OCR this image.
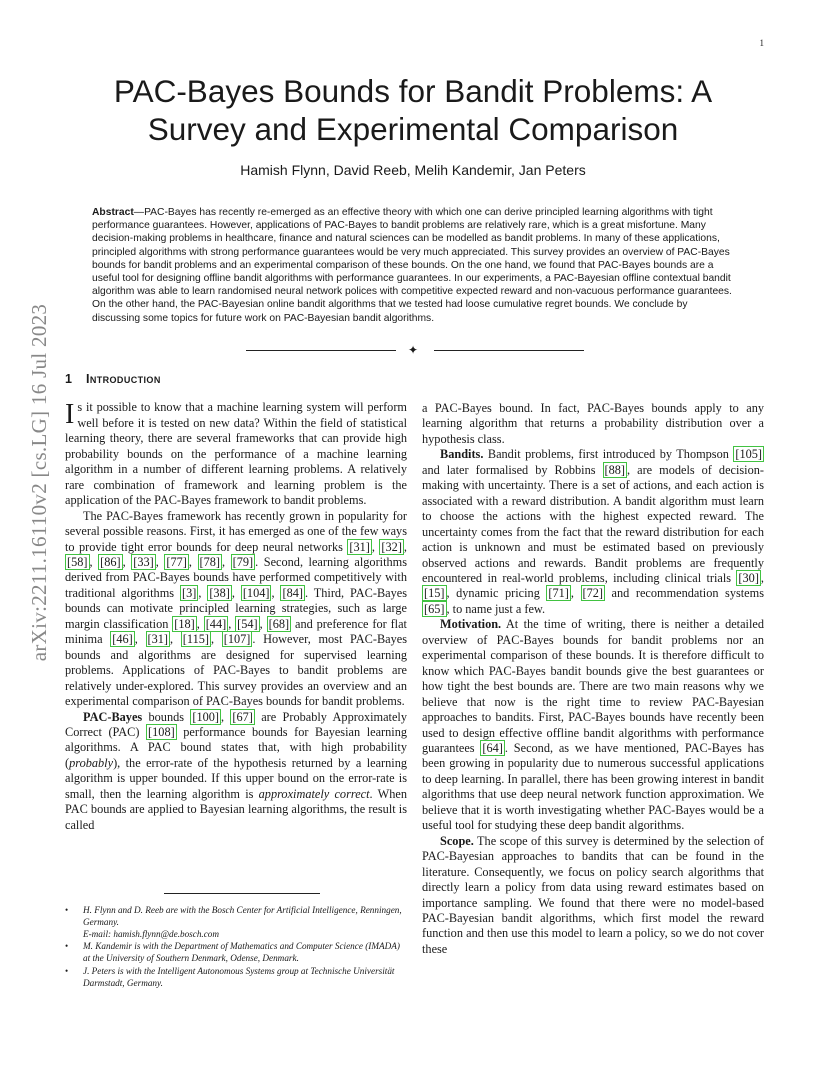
1
arXiv:2211.16110v2 [cs.LG] 16 Jul 2023
PAC-Bayes Bounds for Bandit Problems: A
Survey and Experimental Comparison
Hamish Flynn, David Reeb, Melih Kandemir, Jan Peters

Abstract—PAC-Bayes has recently re-emerged as an effective theory with which one can derive principled learning algorithms with tight performance guarantees. However, applications of PAC-Bayes to bandit problems are relatively rare, which is a great misfortune. Many decision-making problems in healthcare, finance and natural sciences can be modelled as bandit problems. In many of these applications, principled algorithms with strong performance guarantees would be very much appreciated. This survey provides an overview of PAC-Bayes bounds for bandit problems and an experimental comparison of these bounds. On the one hand, we found that PAC-Bayes bounds are a useful tool for designing offline bandit algorithms with performance guarantees. In our experiments, a PAC-Bayesian offline contextual bandit algorithm was able to learn randomised neural network polices with competitive expected reward and non-vacuous performance guarantees. On the other hand, the PAC-Bayesian online bandit algorithms that we tested had loose cumulative regret bounds. We conclude by discussing some topics for future work on PAC-Bayesian bandit algorithms.

✦
1 Introduction

Is it possible to know that a machine learning system will perform well before it is tested on new data? Within the field of statistical learning theory, there are several frameworks that can provide high probability bounds on the performance of a machine learning algorithm in a number of different learning problems. A relatively rare combination of framework and learning problem is the application of the PAC-Bayes framework to bandit problems.

The PAC-Bayes framework has recently grown in popularity for several possible reasons. First, it has emerged as one of the few ways to provide tight error bounds for deep neural networks [31] , [32] , [58] , [86] , [33] , [77] , [78] , [79] . Second, learning algorithms derived from PAC-Bayes bounds have performed competitively with traditional algorithms [3] , [38] , [104] , [84] . Third, PAC-Bayes bounds can motivate principled learning strategies, such as large margin classification [18] , [44] , [54] , [68] and preference for flat minima [46] , [31] , [115] , [107] . However, most PAC-Bayes bounds and algorithms are designed for supervised learning problems. Applications of PAC-Bayes to bandit problems are relatively under-explored. This survey provides an overview and an experimental comparison of PAC-Bayes bounds for bandit problems.

PAC-Bayes bounds [100] , [67] are Probably Approximately Correct (PAC) [108] performance bounds for Bayesian learning algorithms. A PAC bound states that, with high probability (probably), the error-rate of the hypothesis returned by a learning algorithm is upper bounded. If this upper bound on the error-rate is small, then the learning algorithm is approximately correct. When PAC bounds are applied to Bayesian learning algorithms, the result is called

a PAC-Bayes bound. In fact, PAC-Bayes bounds apply to any learning algorithm that returns a probability distribution over a hypothesis class.

Bandits. Bandit problems, first introduced by Thompson [105] and later formalised by Robbins [88] , are models of decision-making with uncertainty. There is a set of actions, and each action is associated with a reward distribution. A bandit algorithm must learn to choose the actions with the highest expected reward. The uncertainty comes from the fact that the reward distribution for each action is unknown and must be estimated based on previously observed actions and rewards. Bandit problems are frequently encountered in real-world problems, including clinical trials [30] , [15] , dynamic pricing [71] , [72] and recommendation systems [65] , to name just a few.

Motivation. At the time of writing, there is neither a detailed overview of PAC-Bayes bounds for bandit problems nor an experimental comparison of these bounds. It is therefore difficult to know which PAC-Bayes bandit bounds give the best guarantees or how tight the best bounds are. There are two main reasons why we believe that now is the right time to review PAC-Bayesian approaches to bandits. First, PAC-Bayes bounds have recently been used to design effective offline bandit algorithms with performance guarantees [64] . Second, as we have mentioned, PAC-Bayes has been growing in popularity due to numerous successful applications to deep learning. In parallel, there has been growing interest in bandit algorithms that use deep neural network function approximation. We believe that it is worth investigating whether PAC-Bayes would be a useful tool for studying these deep bandit algorithms.

Scope. The scope of this survey is determined by the selection of PAC-Bayesian approaches to bandits that can be found in the literature. Consequently, we focus on policy search algorithms that directly learn a policy from data using reward estimates based on importance sampling. We found that there were no model-based PAC-Bayesian bandit algorithms, which first model the reward function and then use this model to learn a policy, so we do not cover these

• H. Flynn and D. Reeb are with the Bosch Center for Artificial Intelligence, Renningen, Germany.
E-mail: hamish.flynn@de.bosch.com
• M. Kandemir is with the Department of Mathematics and Computer Science (IMADA) at the University of Southern Denmark, Odense, Denmark.
• J. Peters is with the Intelligent Autonomous Systems group at Technische Universität Darmstadt, Germany.
